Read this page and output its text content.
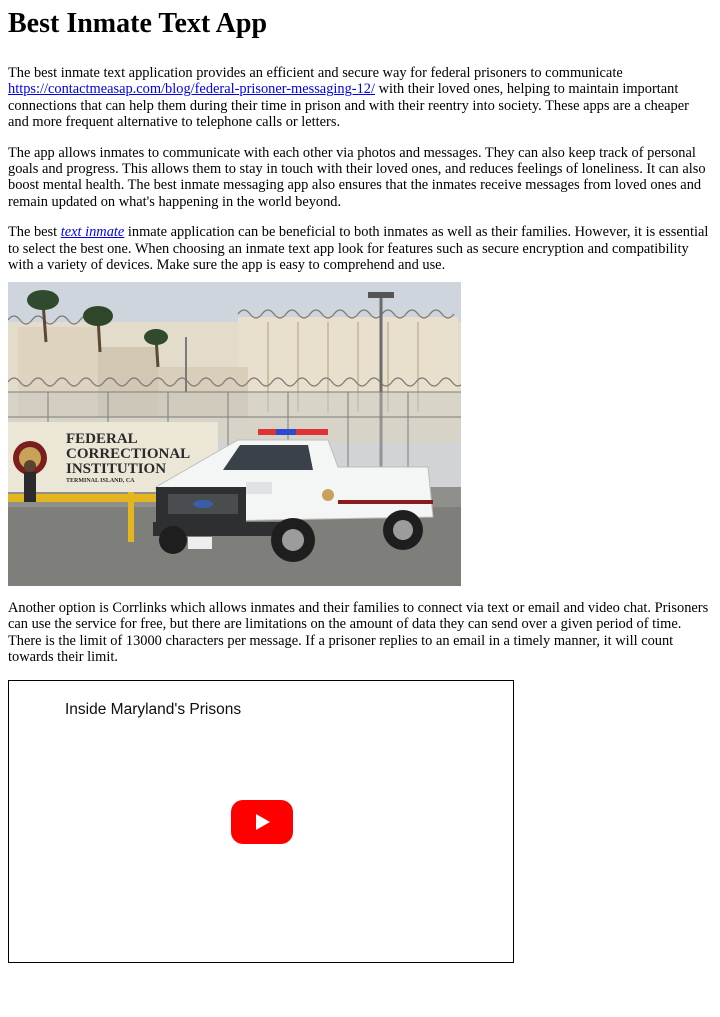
Best Inmate Text App

The best inmate text application provides an efficient and secure way for federal prisoners to communicate https://contactmeasap.com/blog/federal-prisoner-messaging-12/ with their loved ones, helping to maintain important connections that can help them during their time in prison and with their reentry into society. These apps are a cheaper and more frequent alternative to telephone calls or letters.

The app allows inmates to communicate with each other via photos and messages. They can also keep track of personal goals and progress. This allows them to stay in touch with their loved ones, and reduces feelings of loneliness. It can also boost mental health. The best inmate messaging app also ensures that the inmates receive messages from loved ones and remain updated on what's happening in the world beyond.

The best text inmate inmate application can be beneficial to both inmates as well as their families. However, it is essential to select the best one. When choosing an inmate text app look for features such as secure encryption and compatibility with a variety of devices. Make sure the app is easy to comprehend and use.

FEDERAL
CORRECTIONAL
INSTITUTION
TERMINAL ISLAND, CA

Another option is Corrlinks which allows inmates and their families to connect via text or email and video chat. Prisoners can use the service for free, but there are limitations on the amount of data they can send over a given period of time. There is the limit of 13000 characters per message. If a prisoner replies to an email in a timely manner, it will count towards their limit.

Inside Maryland's Prisons
